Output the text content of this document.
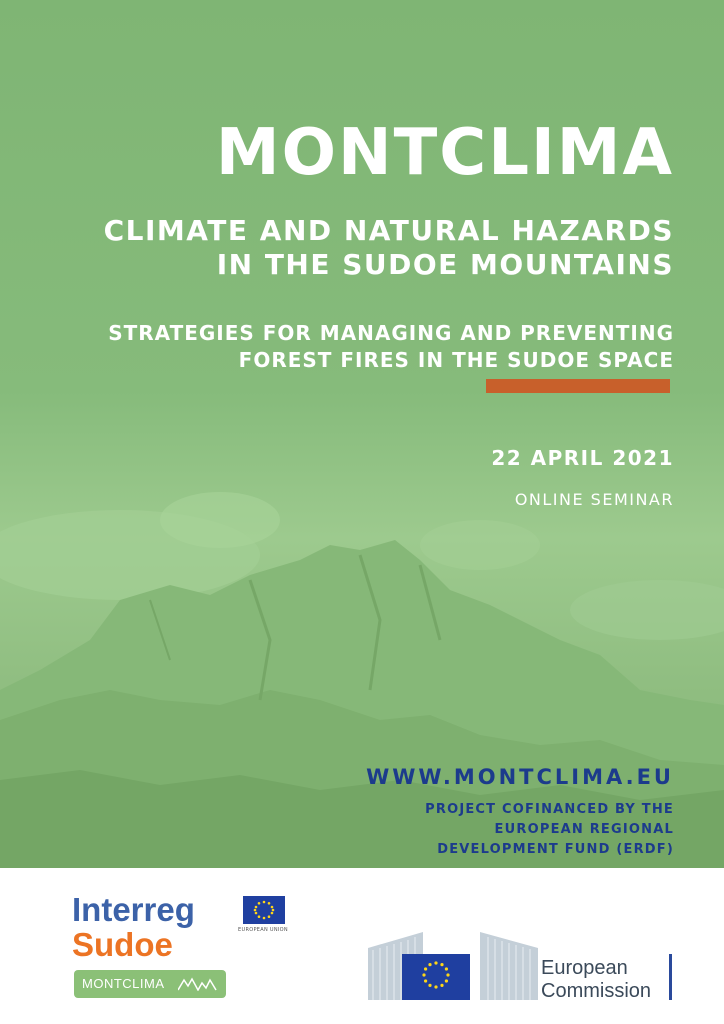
MONTCLIMA

CLIMATE AND NATURAL HAZARDS
IN THE SUDOE MOUNTAINS
STRATEGIES FOR MANAGING AND PREVENTING
FOREST FIRES IN THE SUDOE SPACE

22 APRIL 2021

ONLINE SEMINAR

WWW.MONTCLIMA.EU

PROJECT COFINANCED BY THE
EUROPEAN REGIONAL
DEVELOPMENT FUND (ERDF)

Interreg

Sudoe	EUROPEAN UNION

MONTCLIMA
European
Commission
